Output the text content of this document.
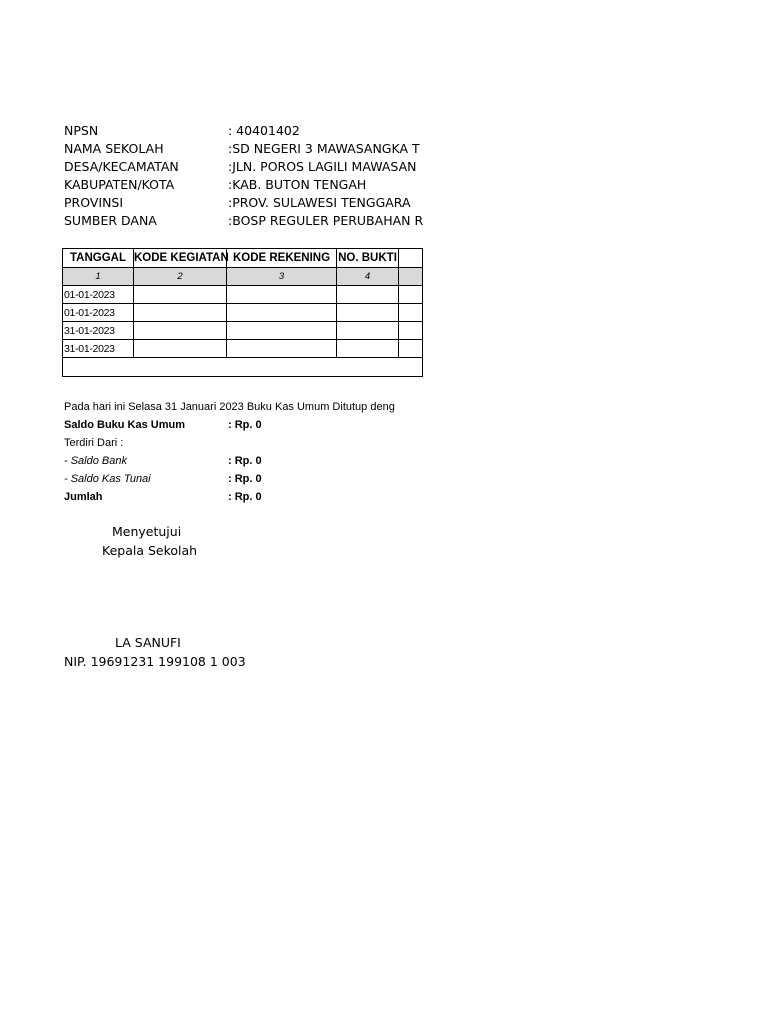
NPSN	: 40401402
NAMA SEKOLAH	:SD NEGERI 3 MAWASANGKA T
DESA/KECAMATAN	:JLN. POROS LAGILI MAWASAN
KABUPATEN/KOTA	:KAB. BUTON TENGAH
PROVINSI	:PROV. SULAWESI TENGGARA
SUMBER DANA	:BOSP REGULER PERUBAHAN R
TANGGAL	KODE KEGIATAN	KODE REKENING	NO. BUKTI	
1	2	3	4	
01-01-2023				
01-01-2023				
31-01-2023				
31-01-2023				

Pada hari ini Selasa 31 Januari 2023 Buku Kas Umum Ditutup deng
Saldo Buku Kas Umum	: Rp. 0
Terdiri Dari :
- Saldo Bank	: Rp. 0
- Saldo Kas Tunai	: Rp. 0
Jumlah	: Rp. 0
Menyetujui
Kepala Sekolah
LA SANUFI
NIP. 19691231 199108 1 003
